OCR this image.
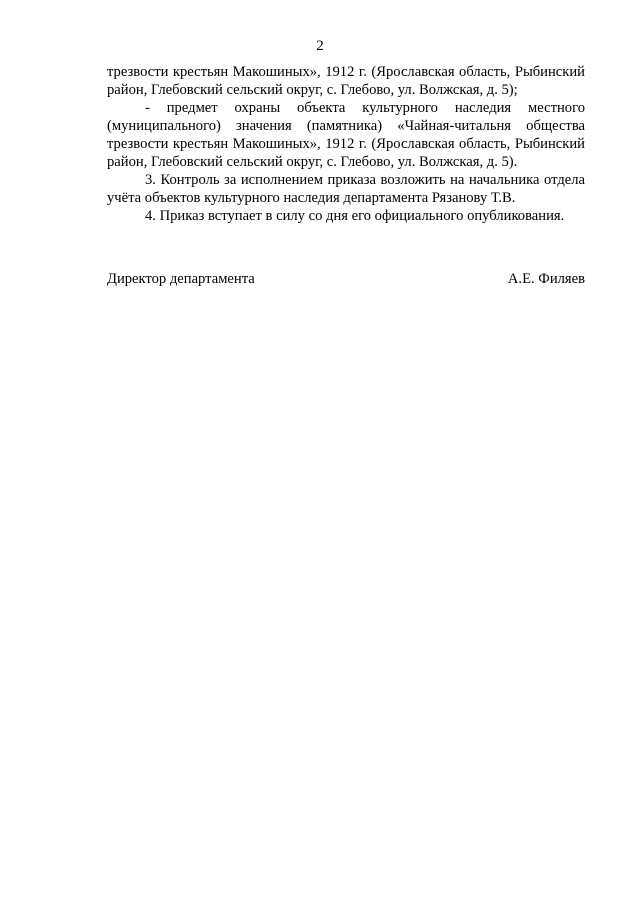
2

трезвости крестьян Макошиных», 1912 г. (Ярославская область, Рыбинский район, Глебовский сельский округ, с. Глебово, ул. Волжская, д. 5);

- предмет охраны объекта культурного наследия местного (муниципального) значения (памятника) «Чайная-читальня общества трезвости крестьян Макошиных», 1912 г. (Ярославская область, Рыбинский район, Глебовский сельский округ, с. Глебово, ул. Волжская, д. 5).

3. Контроль за исполнением приказа возложить на начальника отдела учёта объектов культурного наследия департамента Рязанову Т.В.

4. Приказ вступает в силу со дня его официального опубликования.

Директор департамента	А.Е. Филяев
